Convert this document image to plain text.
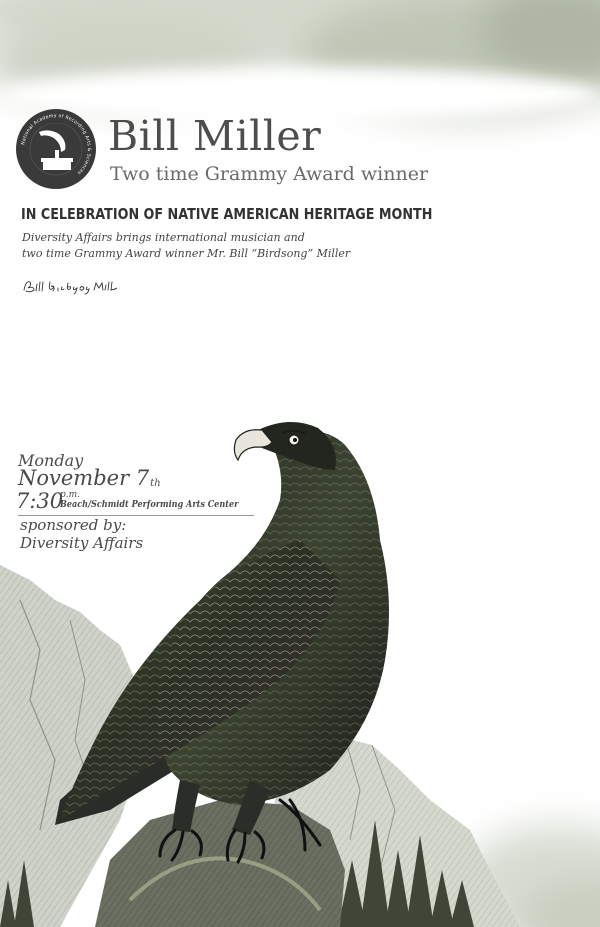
National Academy of Recording Arts & Sciences
Bill Miller
Two time Grammy Award winner
IN CELEBRATION OF NATIVE AMERICAN HERITAGE MONTH
Diversity Affairs brings international musician and
two time Grammy Award winner Mr. Bill “Birdsong” Miller
Monday
November 7th
7:30
p.m.
Beach/Schmidt Performing Arts Center
sponsored by:
Diversity Affairs
